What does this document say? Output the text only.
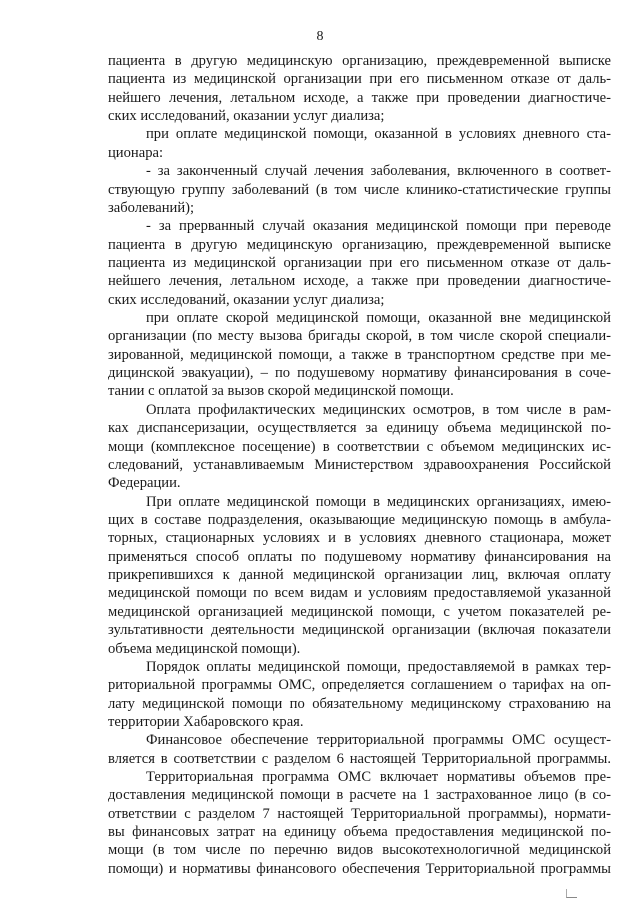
8
пациента в другую медицинскую организацию, преждевременной выписке
пациента из медицинской организации при его письменном отказе от даль-
нейшего лечения, летальном исходе, а также при проведении диагностиче-
ских исследований, оказании услуг диализа;
при оплате медицинской помощи, оказанной в условиях дневного ста-
ционара:
- за законченный случай лечения заболевания, включенного в соответ-
ствующую группу заболеваний (в том числе клинико-статистические группы
заболеваний);
- за прерванный случай оказания медицинской помощи при переводе
пациента в другую медицинскую организацию, преждевременной выписке
пациента из медицинской организации при его письменном отказе от даль-
нейшего лечения, летальном исходе, а также при проведении диагностиче-
ских исследований, оказании услуг диализа;
при оплате скорой медицинской помощи, оказанной вне медицинской
организации (по месту вызова бригады скорой, в том числе скорой специали-
зированной, медицинской помощи, а также в транспортном средстве при ме-
дицинской эвакуации), – по подушевому нормативу финансирования в соче-
тании с оплатой за вызов скорой медицинской помощи.
Оплата профилактических медицинских осмотров, в том числе в рам-
ках диспансеризации, осуществляется за единицу объема медицинской по-
мощи (комплексное посещение) в соответствии с объемом медицинских ис-
следований, устанавливаемым Министерством здравоохранения Российской
Федерации.
При оплате медицинской помощи в медицинских организациях, имею-
щих в составе подразделения, оказывающие медицинскую помощь в амбула-
торных, стационарных условиях и в условиях дневного стационара, может
применяться способ оплаты по подушевому нормативу финансирования на
прикрепившихся к данной медицинской организации лиц, включая оплату
медицинской помощи по всем видам и условиям предоставляемой указанной
медицинской организацией медицинской помощи, с учетом показателей ре-
зультативности деятельности медицинской организации (включая показатели
объема медицинской помощи).
Порядок оплаты медицинской помощи, предоставляемой в рамках тер-
риториальной программы ОМС, определяется соглашением о тарифах на оп-
лату медицинской помощи по обязательному медицинскому страхованию на
территории Хабаровского края.
Финансовое обеспечение территориальной программы ОМС осущест-
вляется в соответствии с разделом 6 настоящей Территориальной программы.
Территориальная программа ОМС включает нормативы объемов пре-
доставления медицинской помощи в расчете на 1 застрахованное лицо (в со-
ответствии с разделом 7 настоящей Территориальной программы), нормати-
вы финансовых затрат на единицу объема предоставления медицинской по-
мощи (в том числе по перечню видов высокотехнологичной медицинской
помощи) и нормативы финансового обеспечения Территориальной программы
